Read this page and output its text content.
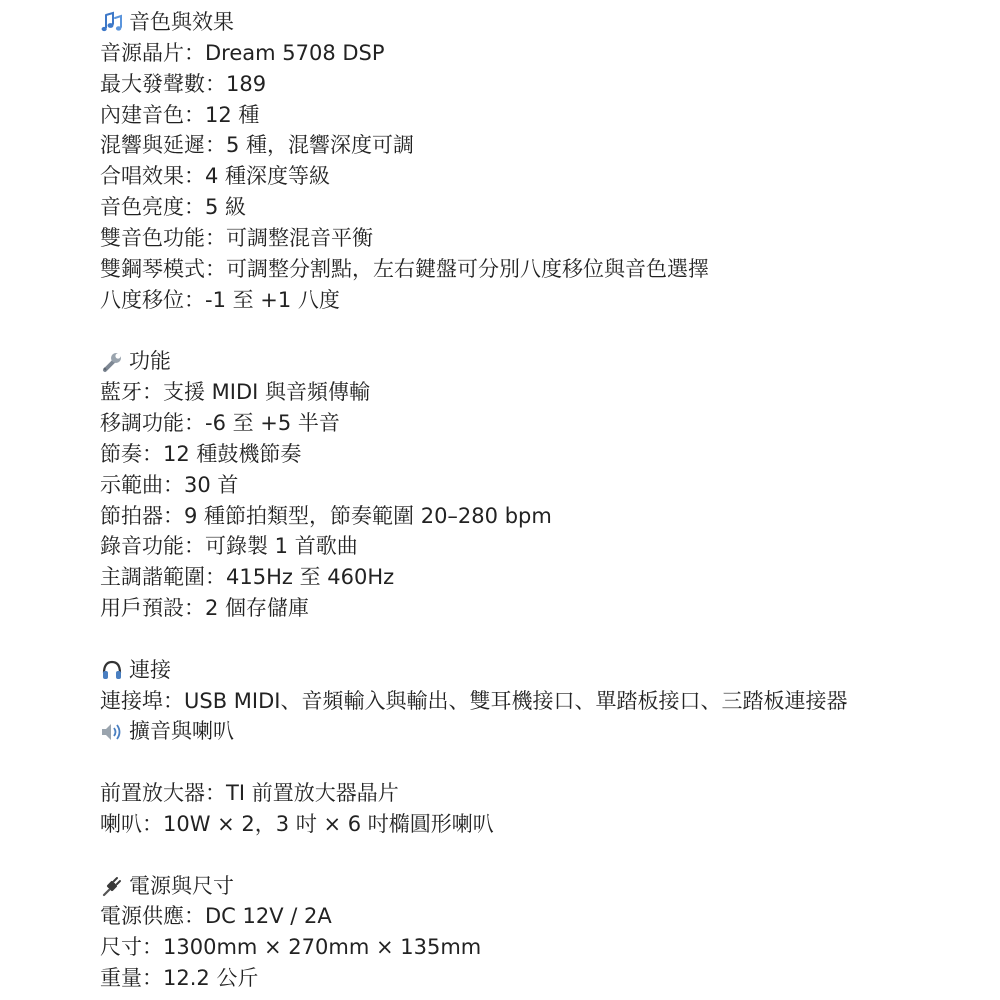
音色與效果
音源晶片：Dream 5708 DSP
最大發聲數：189
內建音色：12 種
混響與延遲：5 種，混響深度可調
合唱效果：4 種深度等級
音色亮度：5 級
雙音色功能：可調整混音平衡
雙鋼琴模式：可調整分割點，左右鍵盤可分別八度移位與音色選擇
八度移位：-1 至 +1 八度
功能
藍牙：支援 MIDI 與音頻傳輸
移調功能：-6 至 +5 半音
節奏：12 種鼓機節奏
示範曲：30 首
節拍器：9 種節拍類型，節奏範圍 20–280 bpm
錄音功能：可錄製 1 首歌曲
主調諧範圍：415Hz 至 460Hz
用戶預設：2 個存儲庫
連接
連接埠：USB MIDI、音頻輸入與輸出、雙耳機接口、單踏板接口、三踏板連接器
擴音與喇叭
前置放大器：TI 前置放大器晶片
喇叭：10W × 2，3 吋 × 6 吋橢圓形喇叭
電源與尺寸
電源供應：DC 12V / 2A
尺寸：1300mm × 270mm × 135mm
重量：12.2 公斤
